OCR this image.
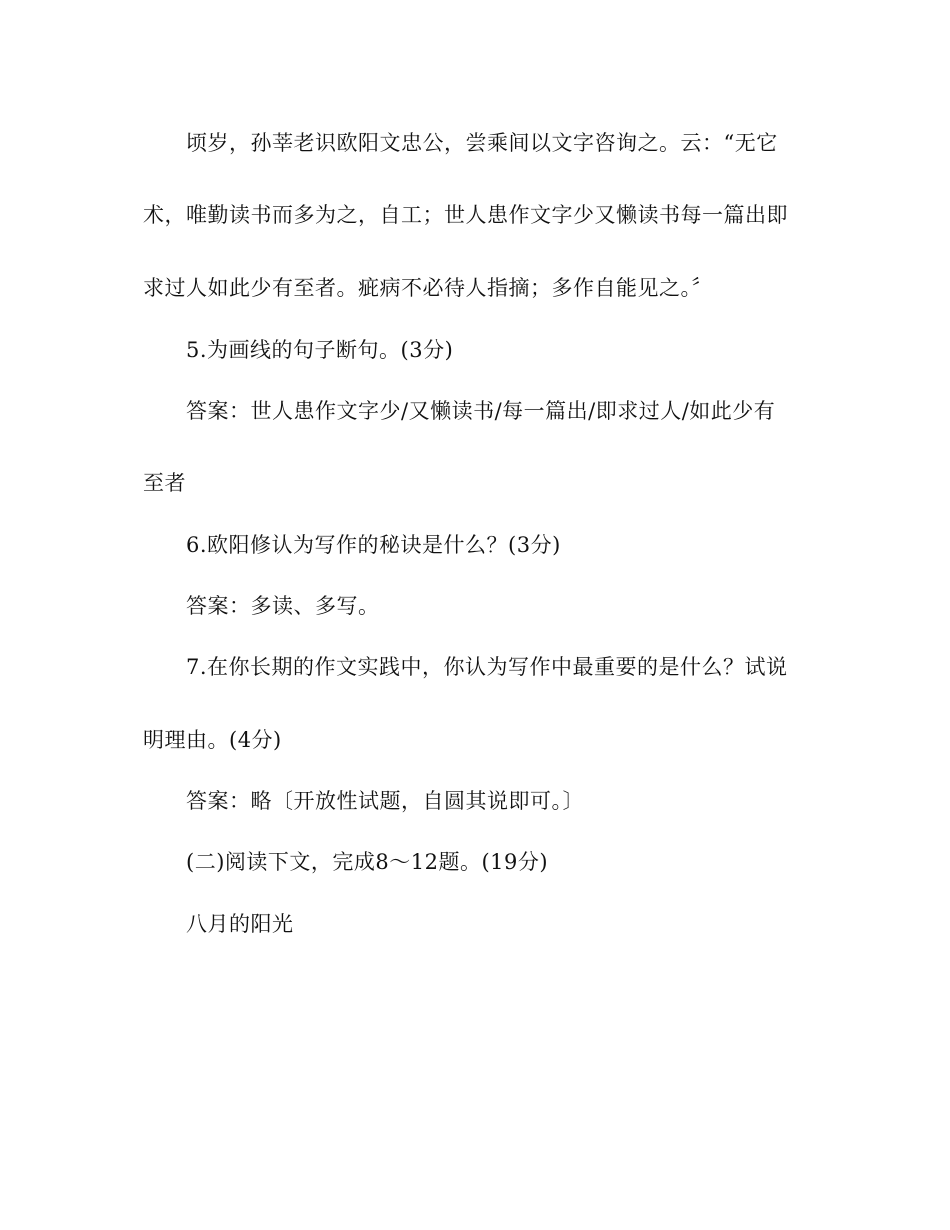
顷岁，孙莘老识欧阳文忠公，尝乘间以文字咨询之。云：“无它
术，唯勤读书而多为之，自工；世人患作文字少又懒读书每一篇出即
求过人如此少有至者。疵病不必待人指摘；多作自能见之。〞
5.为画线的句子断句。(3分)
答案：世人患作文字少/又懒读书/每一篇出/即求过人/如此少有
至者
6.欧阳修认为写作的秘诀是什么？(3分)
答案：多读、多写。
7.在你长期的作文实践中，你认为写作中最重要的是什么？试说
明理由。(4分)
答案：略〔开放性试题，自圆其说即可。〕
(二)阅读下文，完成8～12题。(19分)
八月的阳光
